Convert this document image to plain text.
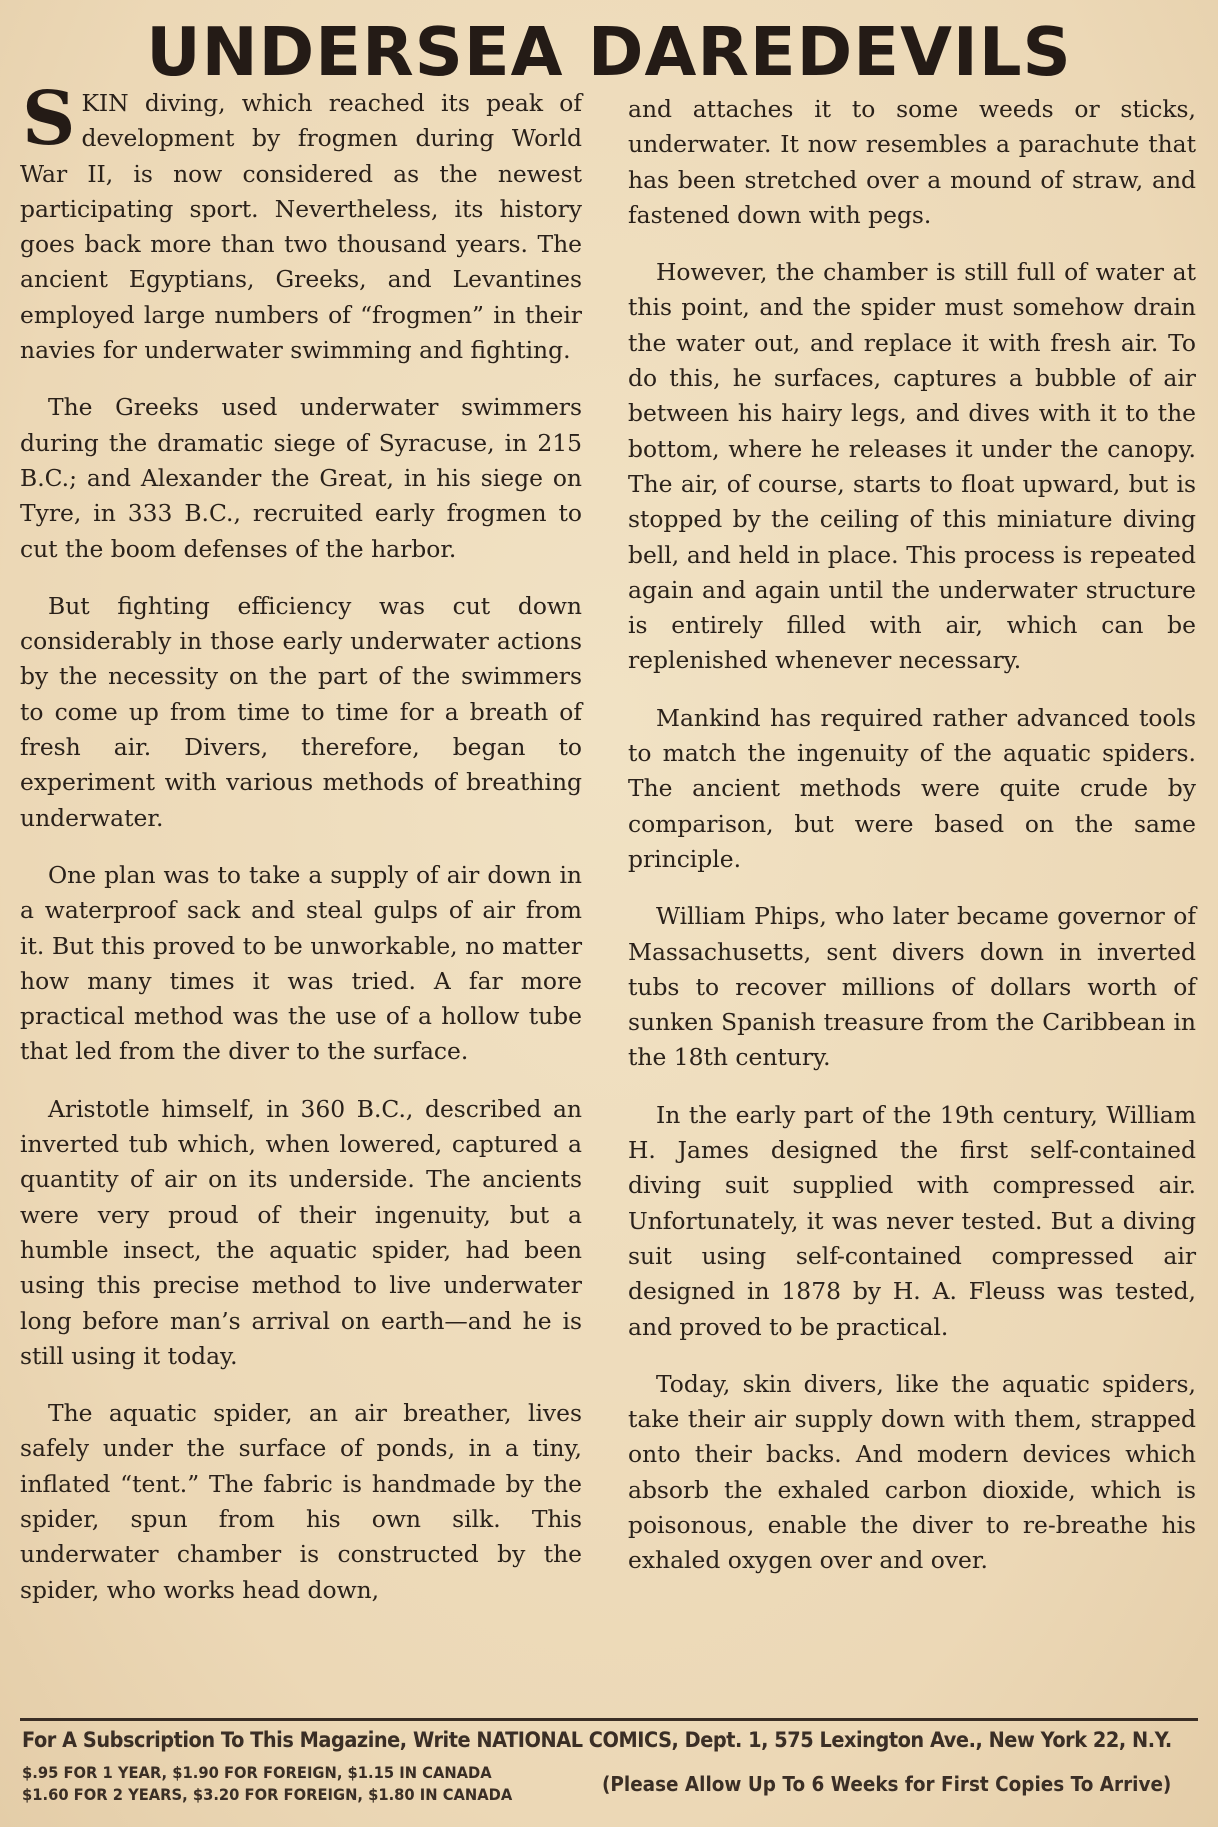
UNDERSEA DAREDEVILS

SKIN diving, which reached its peak of development by frogmen during World War II, is now considered as the newest participating sport. Nevertheless, its history goes back more than two thousand years. The ancient Egyptians, Greeks, and Levantines employed large numbers of “frogmen” in their navies for underwater swimming and fighting.

The Greeks used underwater swimmers during the dramatic siege of Syracuse, in 215 B.C.; and Alexander the Great, in his siege on Tyre, in 333 B.C., recruited early frogmen to cut the boom defenses of the harbor.

But fighting efficiency was cut down considerably in those early underwater actions by the necessity on the part of the swimmers to come up from time to time for a breath of fresh air. Divers, therefore, began to experiment with various methods of breathing underwater.

One plan was to take a supply of air down in a waterproof sack and steal gulps of air from it. But this proved to be unworkable, no matter how many times it was tried. A far more practical method was the use of a hollow tube that led from the diver to the surface.

Aristotle himself, in 360 B.C., described an inverted tub which, when lowered, captured a quantity of air on its underside. The ancients were very proud of their ingenuity, but a humble insect, the aquatic spider, had been using this precise method to live underwater long before man’s arrival on earth—and he is still using it today.

The aquatic spider, an air breather, lives safely under the surface of ponds, in a tiny, inflated “tent.” The fabric is handmade by the spider, spun from his own silk. This underwater chamber is constructed by the spider, who works head down,

and attaches it to some weeds or sticks, underwater. It now resembles a parachute that has been stretched over a mound of straw, and fastened down with pegs.

However, the chamber is still full of water at this point, and the spider must somehow drain the water out, and replace it with fresh air. To do this, he surfaces, captures a bubble of air between his hairy legs, and dives with it to the bottom, where he releases it under the canopy. The air, of course, starts to float upward, but is stopped by the ceiling of this miniature diving bell, and held in place. This process is repeated again and again until the underwater structure is entirely filled with air, which can be replenished whenever necessary.

Mankind has required rather advanced tools to match the ingenuity of the aquatic spiders. The ancient methods were quite crude by comparison, but were based on the same principle.

William Phips, who later became governor of Massachusetts, sent divers down in inverted tubs to recover millions of dollars worth of sunken Spanish treasure from the Caribbean in the 18th century.

In the early part of the 19th century, William H. James designed the first self-contained diving suit supplied with compressed air. Unfortunately, it was never tested. But a diving suit using self-contained compressed air designed in 1878 by H. A. Fleuss was tested, and proved to be practical.

Today, skin divers, like the aquatic spiders, take their air supply down with them, strapped onto their backs. And modern devices which absorb the exhaled carbon dioxide, which is poisonous, enable the diver to re-breathe his exhaled oxygen over and over.

For A Subscription To This Magazine, Write NATIONAL COMICS, Dept. 1, 575 Lexington Ave., New York 22, N.Y.
$.95 FOR 1 YEAR, $1.90 FOR FOREIGN, $1.15 IN CANADA
$1.60 FOR 2 YEARS, $3.20 FOR FOREIGN, $1.80 IN CANADA	(Please Allow Up To 6 Weeks for First Copies To Arrive)
